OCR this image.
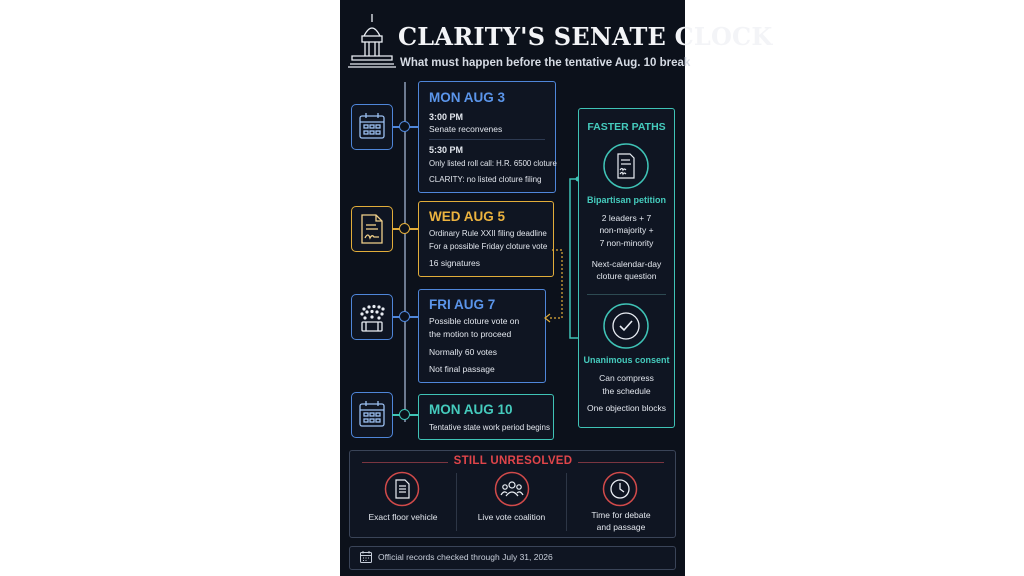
CLARITY'S SENATE CLOCK
What must happen before the tentative Aug. 10 break
MON AUG 3
3:00 PM
Senate reconvenes
5:30 PM
Only listed roll call: H.R. 6500 cloture
CLARITY: no listed cloture filing
WED AUG 5
Ordinary Rule XXII filing deadline
For a possible Friday cloture vote
16 signatures
FRI AUG 7
Possible cloture vote on
the motion to proceed
Normally 60 votes
Not final passage
MON AUG 10
Tentative state work period begins
FASTER PATHS
Bipartisan petition
2 leaders + 7
non-majority +
7 non-minority
Next-calendar-day
cloture question
Unanimous consent
Can compress
the schedule
One objection blocks
STILL UNRESOLVED
Exact floor vehicle	Live vote coalition	Time for debate
and passage
Official records checked through July 31, 2026
